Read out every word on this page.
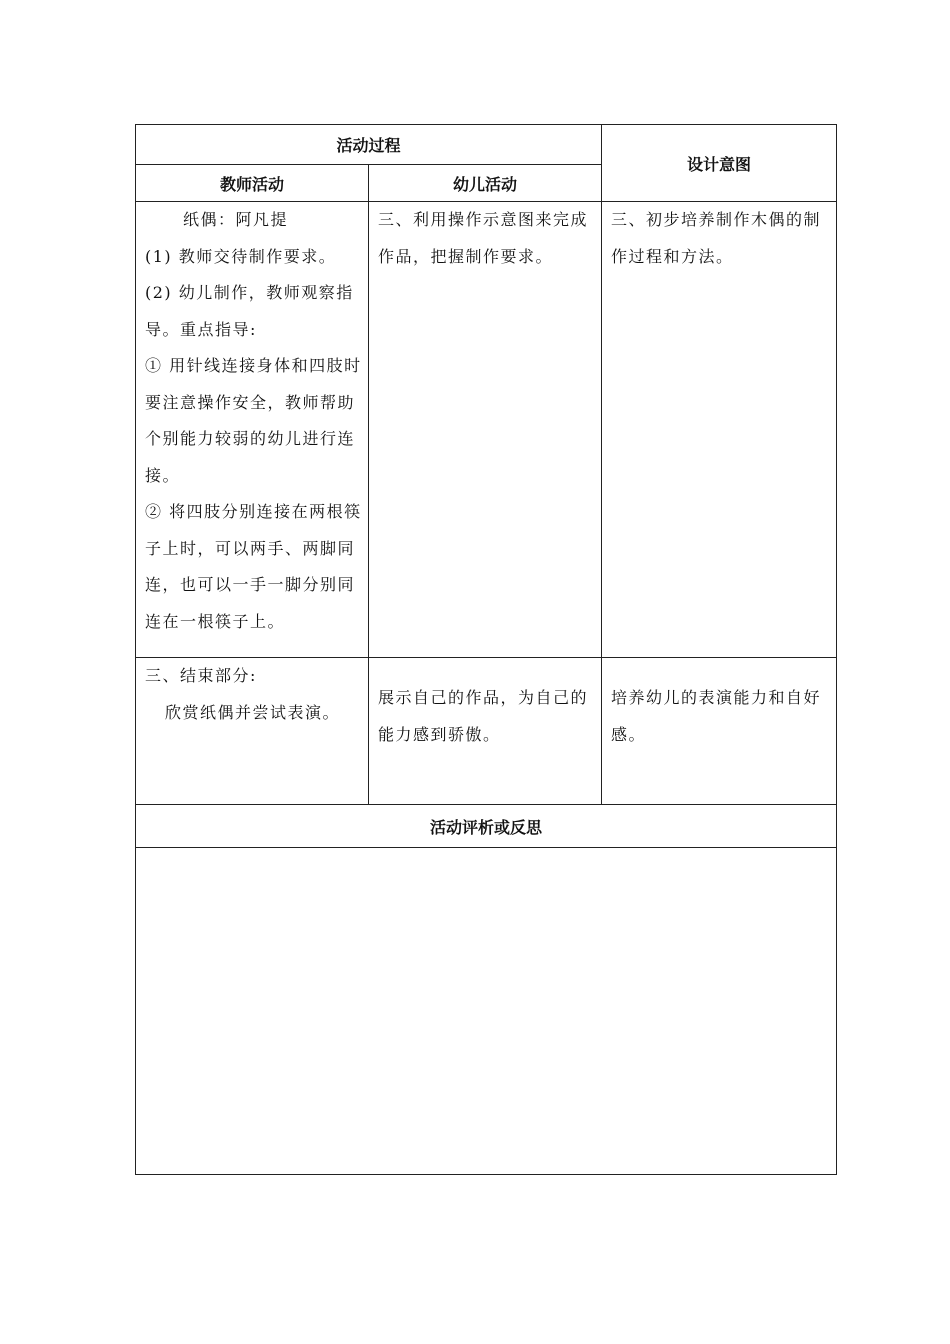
活动过程		设计意图
教师活动	幼儿活动	

纸偶：阿凡提
(1) 教师交待制作要求。
(2) 幼儿制作，教师观察指导。重点指导:
① 用针线连接身体和四肢时要注意操作安全，教师帮助个别能力较弱的幼儿进行连接。
② 将四肢分别连接在两根筷子上时，可以两手、两脚同连，也可以一手一脚分别同连在一根筷子上。	三、利用操作示意图来完成作品，把握制作要求。	三、初步培养制作木偶的制作过程和方法。

三、结束部分:
欣赏纸偶并尝试表演。	展示自己的作品，为自己的能力感到骄傲。	培养幼儿的表演能力和自好感。
活动评析或反思		
